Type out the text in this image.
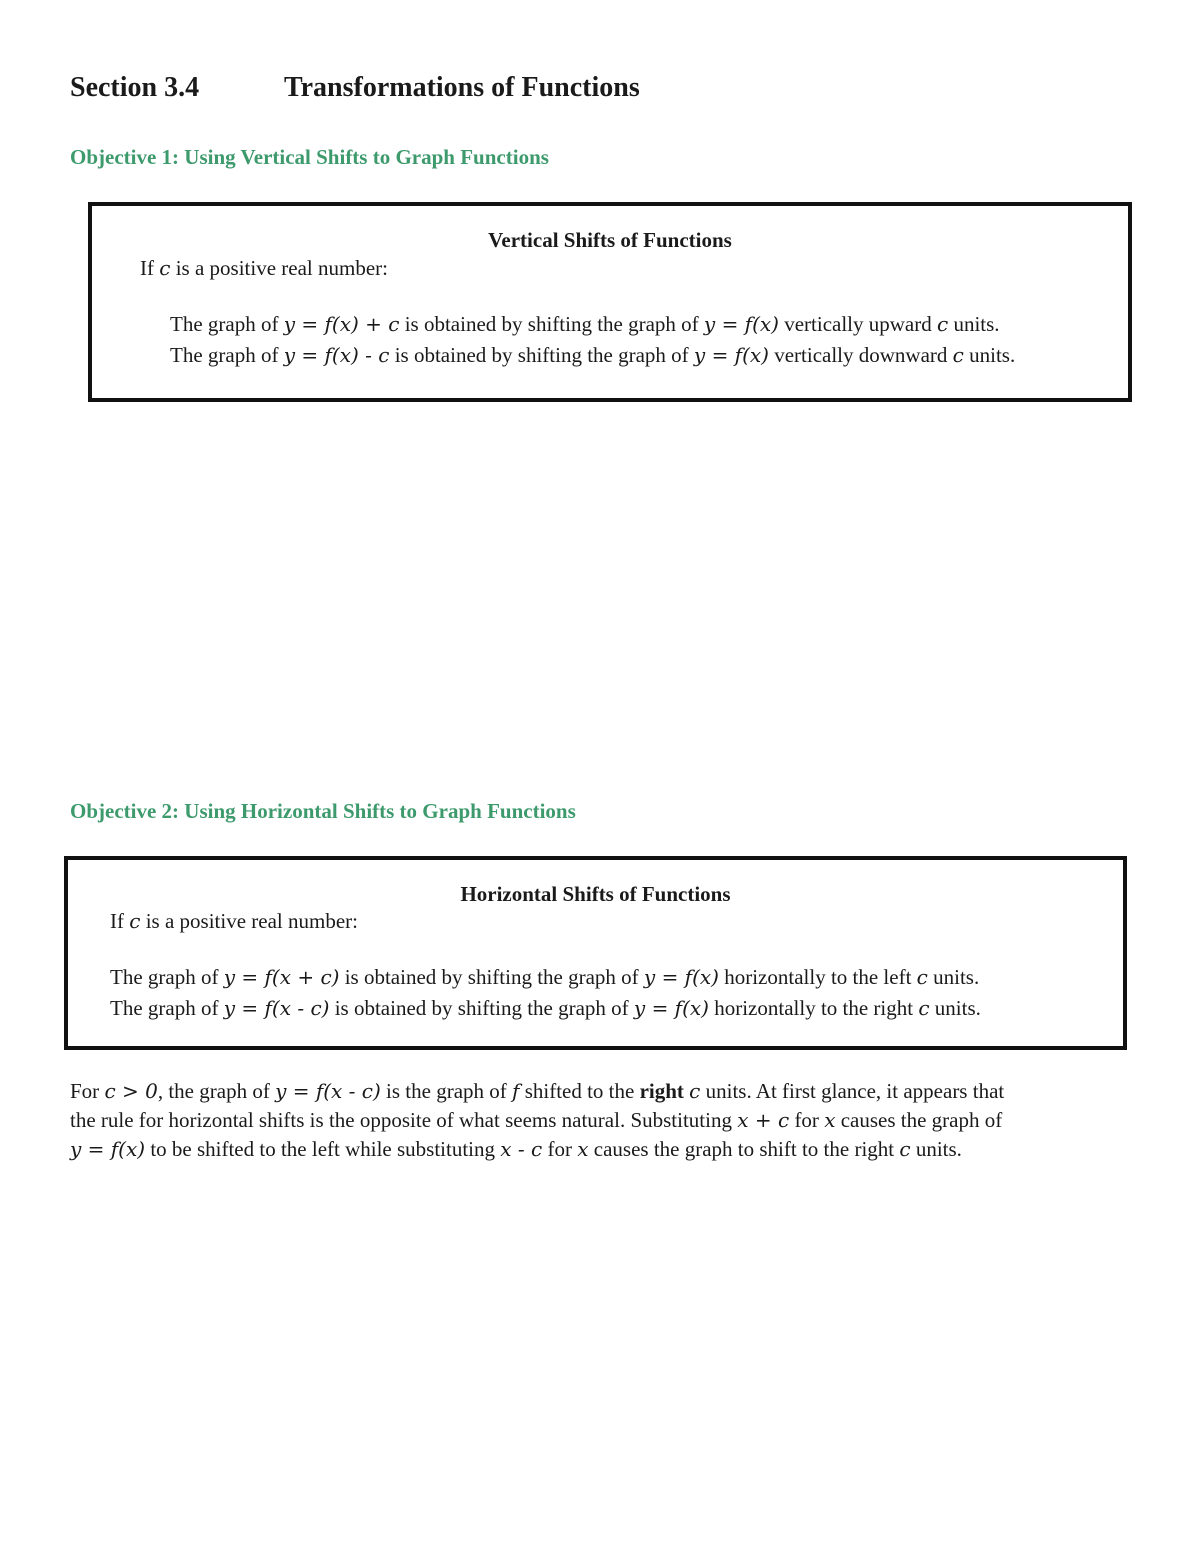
Section 3.4	Transformations of Functions
Objective 1: Using Vertical Shifts to Graph Functions
Vertical Shifts of Functions
If c is a positive real number:
The graph of y = f(x) + c is obtained by shifting the graph of y = f(x) vertically upward c units.
The graph of y = f(x) - c is obtained by shifting the graph of y = f(x) vertically downward c units.
Objective 2: Using Horizontal Shifts to Graph Functions
Horizontal Shifts of Functions
If c is a positive real number:
The graph of y = f(x + c) is obtained by shifting the graph of y = f(x) horizontally to the left c units.
The graph of y = f(x - c) is obtained by shifting the graph of y = f(x) horizontally to the right c units.
For c > 0, the graph of y = f(x - c) is the graph of f shifted to the right c units. At first glance, it appears that
the rule for horizontal shifts is the opposite of what seems natural. Substituting x + c for x causes the graph of
y = f(x) to be shifted to the left while substituting x - c for x causes the graph to shift to the right c units.
